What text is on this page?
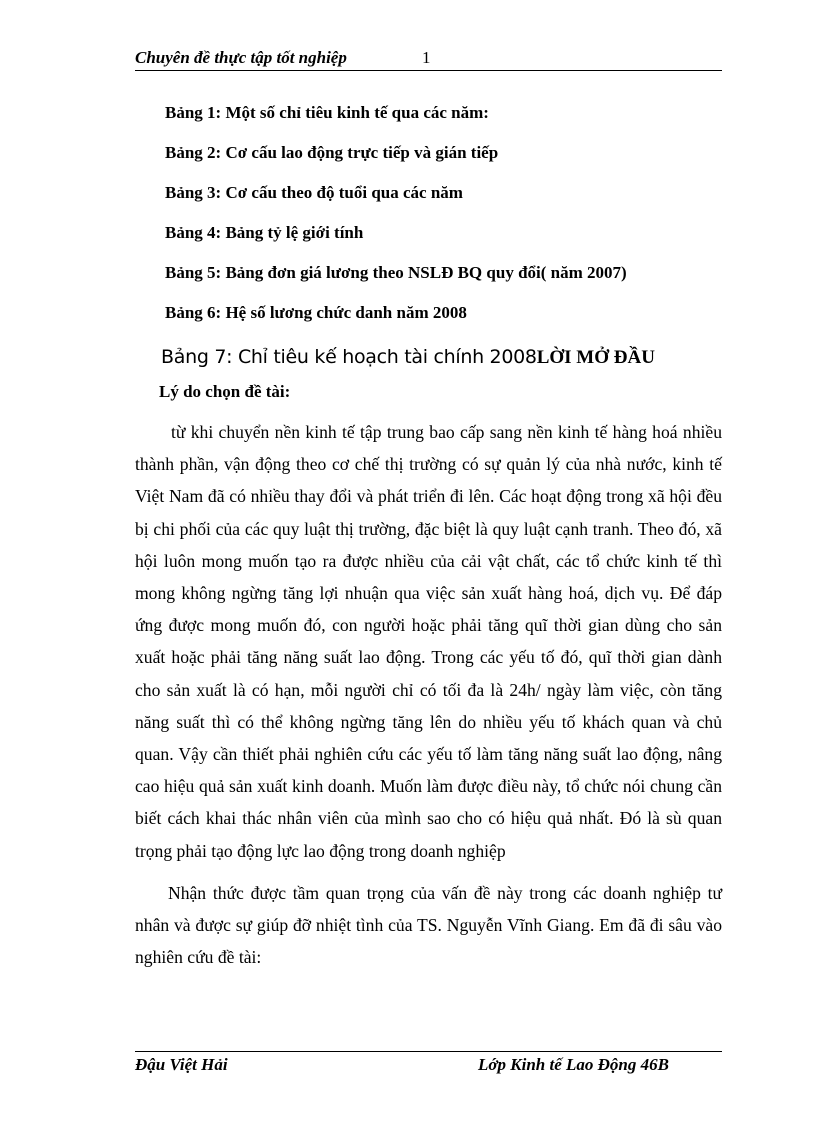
Chuyên đề thực tập tốt nghiệp	1
Bảng 1: Một số chỉ tiêu kinh tế qua các năm:
Bảng 2: Cơ cấu lao động trực tiếp và gián tiếp
Bảng 3: Cơ cấu theo độ tuổi qua các năm
Bảng 4: Bảng tỷ lệ giới tính
Bảng 5: Bảng đơn giá lương theo NSLĐ BQ quy đổi( năm 2007)
Bảng 6: Hệ số lương chức danh năm 2008
Bảng 7: Chỉ tiêu kế hoạch tài chính 2008LỜI MỞ ĐẦU
Lý do chọn đề tài:

từ khi chuyển nền kinh tế tập trung bao cấp sang nền kinh tế hàng hoá nhiều thành phần, vận động theo cơ chế thị trường có sự quản lý của nhà nước, kinh tế Việt Nam đã có nhiều thay đổi và phát triển đi lên. Các hoạt động trong xã hội đều bị chi phối của các quy luật thị trường, đặc biệt là quy luật cạnh tranh. Theo đó, xã hội luôn mong muốn tạo ra được nhiều của cải vật chất, các tổ chức kinh tế thì mong không ngừng tăng lợi nhuận qua việc sản xuất hàng hoá, dịch vụ. Để đáp ứng được mong muốn đó, con người hoặc phải tăng quĩ thời gian dùng cho sản xuất hoặc phải tăng năng suất lao động. Trong các yếu tố đó, quĩ thời gian dành cho sản xuất là có hạn, mỗi người chỉ có tối đa là 24h/ ngày làm việc, còn tăng năng suất thì có thể không ngừng tăng lên do nhiều yếu tố khách quan và chủ quan. Vậy cần thiết phải nghiên cứu các yếu tố làm tăng năng suất lao động, nâng cao hiệu quả sản xuất kinh doanh. Muốn làm được điều này, tổ chức nói chung cần biết cách khai thác nhân viên của mình sao cho có hiệu quả nhất. Đó là sù quan trọng phải tạo động lực lao động trong doanh nghiệp

Nhận thức được tầm quan trọng của vấn đề này trong các doanh nghiệp tư nhân và được sự giúp đỡ nhiệt tình của TS. Nguyễn Vĩnh Giang. Em đã đi sâu vào nghiên cứu đề tài:

Đậu Việt Hải	Lớp Kinh tế Lao Động 46B
